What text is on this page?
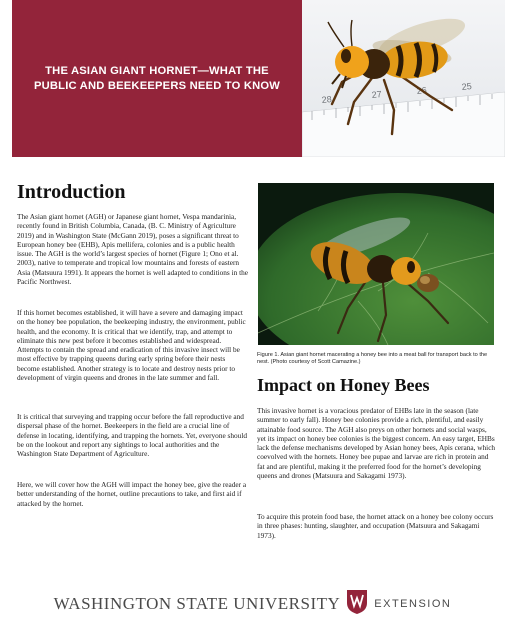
THE ASIAN GIANT HORNET—WHAT THE PUBLIC AND BEEKEEPERS NEED TO KNOW
28	27	26	25
Introduction

The Asian giant hornet (AGH) or Japanese giant hornet, Vespa mandarinia, recently found in British Columbia, Canada, (B. C. Ministry of Agriculture 2019) and in Washington State (McGann 2019), poses a significant threat to European honey bee (EHB), Apis mellifera, colonies and is a public health issue. The AGH is the world’s largest species of hornet (Figure 1; Ono et al. 2003), native to temperate and tropical low mountains and forests of eastern Asia (Matsuura 1991). It appears the hornet is well adapted to conditions in the Pacific Northwest.

If this hornet becomes established, it will have a severe and damaging impact on the honey bee population, the beekeeping industry, the environment, public health, and the economy. It is critical that we identify, trap, and attempt to eliminate this new pest before it becomes established and widespread. Attempts to contain the spread and eradication of this invasive insect will be most effective by trapping queens during early spring before their nests become established. Another strategy is to locate and destroy nests prior to development of virgin queens and drones in the late summer and fall.

It is critical that surveying and trapping occur before the fall reproductive and dispersal phase of the hornet. Beekeepers in the field are a crucial line of defense in locating, identifying, and trapping the hornets. Yet, everyone should be on the lookout and report any sightings to local authorities and the Washington State Department of Agriculture.

Here, we will cover how the AGH will impact the honey bee, give the reader a better understanding of the hornet, outline precautions to take, and first aid if attacked by the hornet.

Figure 1. Asian giant hornet macerating a honey bee into a meat ball for transport back to the nest. (Photo courtesy of Scott Camazine.)

Impact on Honey Bees

This invasive hornet is a voracious predator of EHBs late in the season (late summer to early fall). Honey bee colonies provide a rich, plentiful, and easily attainable food source. The AGH also preys on other hornets and social wasps, yet its impact on honey bee colonies is the biggest concern. An easy target, EHBs lack the defense mechanisms developed by Asian honey bees, Apis cerana, which coevolved with the hornets. Honey bee pupae and larvae are rich in protein and fat and are plentiful, making it the preferred food for the hornet’s developing queens and drones (Matsuura and Sakagami 1973).

To acquire this protein food base, the hornet attack on a honey bee colony occurs in three phases: hunting, slaughter, and occupation (Matsuura and Sakagami 1973).

WASHINGTON STATE UNIVERSITY	EXTENSION
